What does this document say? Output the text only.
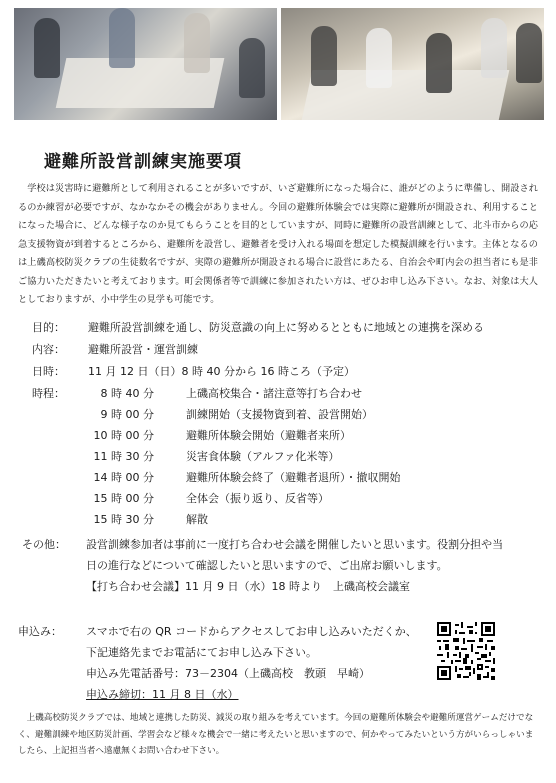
避難所設営訓練実施要項

学校は災害時に避難所として利用されることが多いですが、いざ避難所になった場合に、誰がどのように準備し、開設されるのか練習が必要ですが、なかなかその機会がありません。今回の避難所体験会では実際に避難所が開設され、利用することになった場合に、どんな様子なのか見てもらうことを目的としていますが、同時に避難所の設営訓練として、北斗市からの応急支援物資が到着するところから、避難所を設営し、避難者を受け入れる場面を想定した模擬訓練を行います。主体となるのは上磯高校防災クラブの生徒数名ですが、実際の避難所が開設される場合に設営にあたる、自治会や町内会の担当者にも是非ご協力いただきたいと考えております。町会関係者等で訓練に参加されたい方は、ぜひお申し込み下さい。なお、対象は大人としておりますが、小中学生の見学も可能です。

目的： 避難所設営訓練を通し、防災意識の向上に努めるとともに地域との連携を深める
内容： 避難所設営・運営訓練
日時： 11 月 12 日（日）8 時 40 分から 16 時ころ（予定）
時程：	8 時 40 分	上磯高校集合・諸注意等打ち合わせ
9 時 00 分	訓練開始（支援物資到着、設営開始）
10 時 00 分	避難所体験会開始（避難者来所）
11 時 30 分	災害食体験（アルファ化米等）
14 時 00 分	避難所体験会終了（避難者退所）・撤収開始
15 時 00 分	全体会（振り返り、反省等）
15 時 30 分	解散
その他： 設営訓練参加者は事前に一度打ち合わせ会議を開催したいと思います。役割分担や当
日の進行などについて確認したいと思いますので、ご出席お願いします。
【打ち合わせ会議】11 月 9 日（水）18 時より　上磯高校会議室
申込み： スマホで右の QR コードからアクセスしてお申し込みいただくか、
下記連絡先までお電話にてお申し込み下さい。
申込み先電話番号：73－2304（上磯高校　教頭　早崎）
申込み締切：11 月 8 日（水）

上磯高校防災クラブでは、地域と連携した防災、減災の取り組みを考えています。今回の避難所体験会や避難所運営ゲームだけでなく、避難訓練や地区防災計画、学習会など様々な機会で一緒に考えたいと思いますので、何かやってみたいという方がいらっしゃいましたら、上記担当者へ遠慮無くお問い合わせ下さい。
